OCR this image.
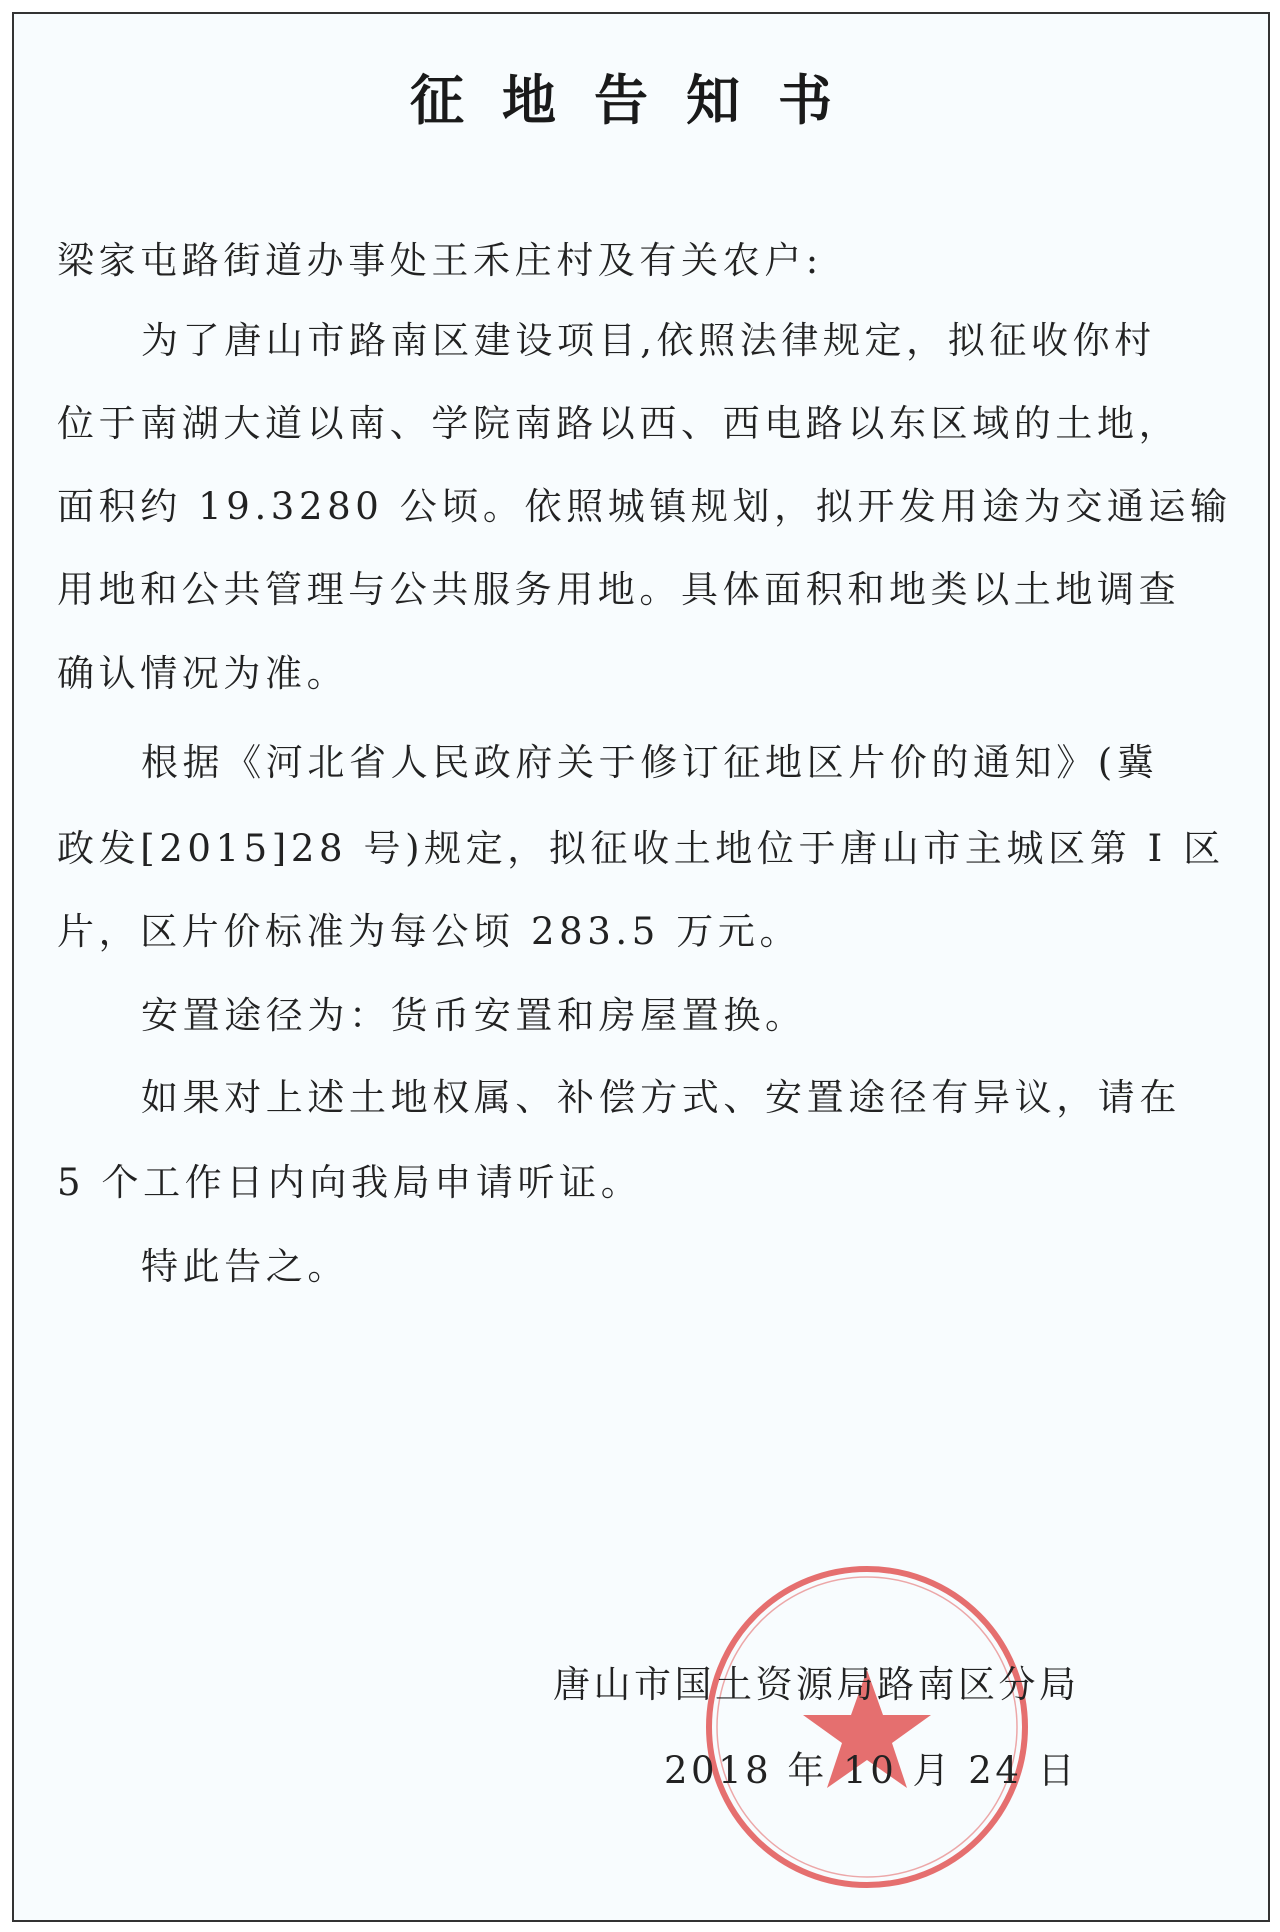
征地告知书
梁家屯路街道办事处王禾庄村及有关农户:
为了唐山市路南区建设项目,依照法律规定，拟征收你村
位于南湖大道以南、学院南路以西、西电路以东区域的土地，
面积约 19.3280 公顷。依照城镇规划，拟开发用途为交通运输
用地和公共管理与公共服务用地。具体面积和地类以土地调查
确认情况为准。
根据《河北省人民政府关于修订征地区片价的通知》(冀
政发[2015]28 号)规定，拟征收土地位于唐山市主城区第 I 区
片，区片价标准为每公顷 283.5 万元。
安置途径为：货币安置和房屋置换。
如果对上述土地权属、补偿方式、安置途径有异议，请在
5 个工作日内向我局申请听证。
特此告之。
唐山市国土资源局路南区分局
2018 年 10 月 24 日
